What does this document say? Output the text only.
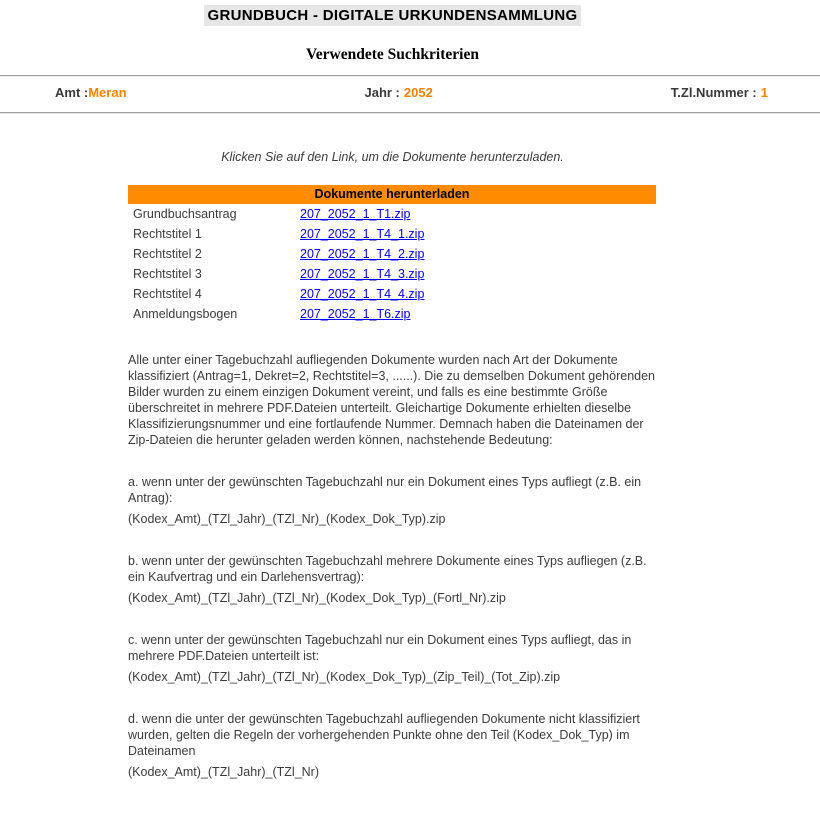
GRUNDBUCH - DIGITALE URKUNDENSAMMLUNG
Verwendete Suchkriterien
Amt :Meran	Jahr : 2052	T.Zl.Nummer : 1
Klicken Sie auf den Link, um die Dokumente herunterzuladen.
Dokumente herunterladen	
Grundbuchsantrag	207_2052_1_T1.zip
Rechtstitel 1	207_2052_1_T4_1.zip
Rechtstitel 2	207_2052_1_T4_2.zip
Rechtstitel 3	207_2052_1_T4_3.zip
Rechtstitel 4	207_2052_1_T4_4.zip
Anmeldungsbogen	207_2052_1_T6.zip
Alle unter einer Tagebuchzahl aufliegenden Dokumente wurden nach Art der Dokumente klassifiziert (Antrag=1, Dekret=2, Rechtstitel=3, ......). Die zu demselben Dokument gehörenden Bilder wurden zu einem einzigen Dokument vereint, und falls es eine bestimmte Größe überschreitet in mehrere PDF.Dateien unterteilt. Gleichartige Dokumente erhielten dieselbe Klassifizierungsnummer und eine fortlaufende Nummer. Demnach haben die Dateinamen der Zip-Dateien die herunter geladen werden können, nachstehende Bedeutung:
a. wenn unter der gewünschten Tagebuchzahl nur ein Dokument eines Typs aufliegt (z.B. ein Antrag):
(Kodex_Amt)_(TZl_Jahr)_(TZl_Nr)_(Kodex_Dok_Typ).zip
b. wenn unter der gewünschten Tagebuchzahl mehrere Dokumente eines Typs aufliegen (z.B. ein Kaufvertrag und ein Darlehensvertrag):
(Kodex_Amt)_(TZl_Jahr)_(TZl_Nr)_(Kodex_Dok_Typ)_(Fortl_Nr).zip
c. wenn unter der gewünschten Tagebuchzahl nur ein Dokument eines Typs aufliegt, das in mehrere PDF.Dateien unterteilt ist:
(Kodex_Amt)_(TZl_Jahr)_(TZl_Nr)_(Kodex_Dok_Typ)_(Zip_Teil)_(Tot_Zip).zip
d. wenn die unter der gewünschten Tagebuchzahl aufliegenden Dokumente nicht klassifiziert wurden, gelten die Regeln der vorhergehenden Punkte ohne den Teil (Kodex_Dok_Typ) im Dateinamen
(Kodex_Amt)_(TZl_Jahr)_(TZl_Nr)
